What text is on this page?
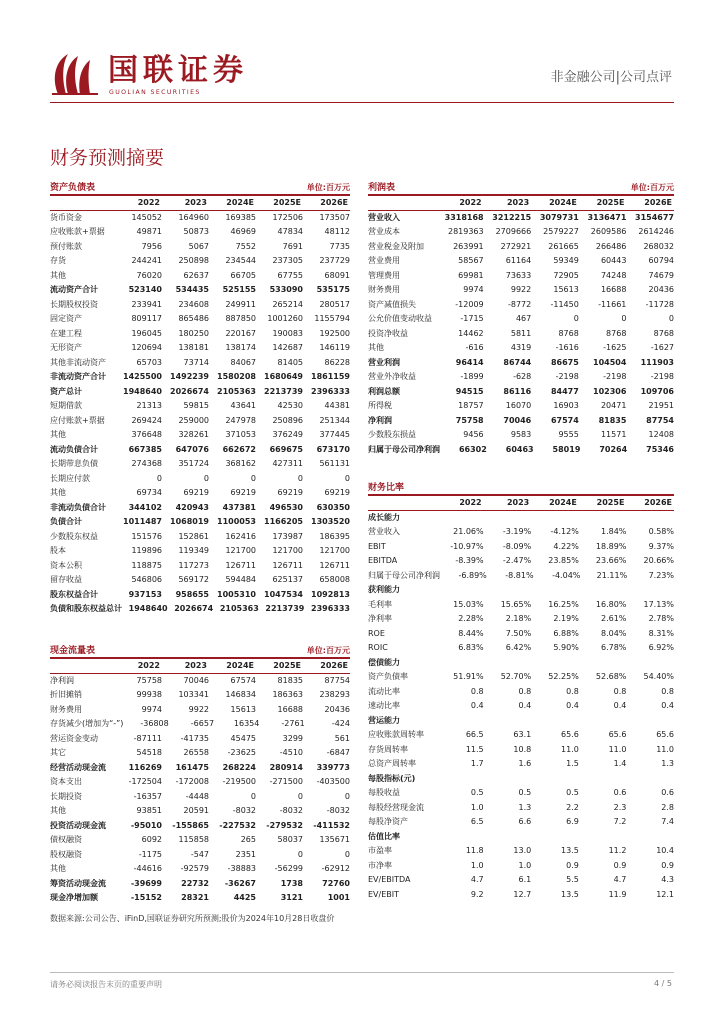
国联证券
GUOLIAN SECURITIES
非金融公司|公司点评
财务预测摘要
资产负债表	单位:百万元
2022	2023	2024E	2025E	2026E
货币资金	145052	164960	169385	172506	173507
应收账款+票据	49871	50873	46969	47834	48112
预付账款	7956	5067	7552	7691	7735
存货	244241	250898	234544	237305	237729
其他	76020	62637	66705	67755	68091
流动资产合计	523140	534435	525155	533090	535175
长期股权投资	233941	234608	249911	265214	280517
固定资产	809117	865486	887850	1001260	1155794
在建工程	196045	180250	220167	190083	192500
无形资产	120694	138181	138174	142687	146119
其他非流动资产	65703	73714	84067	81405	86228
非流动资产合计	1425500	1492239	1580208	1680649	1861159
资产总计	1948640	2026674	2105363	2213739	2396333
短期借款	21313	59815	43641	42530	44381
应付账款+票据	269424	259000	247978	250896	251344
其他	376648	328261	371053	376249	377445
流动负债合计	667385	647076	662672	669675	673170
长期带息负债	274368	351724	368162	427311	561131
长期应付款	0	0	0	0	0
其他	69734	69219	69219	69219	69219
非流动负债合计	344102	420943	437381	496530	630350
负债合计	1011487	1068019	1100053	1166205	1303520
少数股东权益	151576	152861	162416	173987	186395
股本	119896	119349	121700	121700	121700
资本公积	118875	117273	126711	126711	126711
留存收益	546806	569172	594484	625137	658008
股东权益合计	937153	958655	1005310	1047534	1092813
负债和股东权益总计 1948640 2026674 2105363 2213739 2396333
利润表	单位:百万元
2022	2023	2024E	2025E	2026E
营业收入	3318168	3212215	3079731	3136471	3154677
营业成本	2819363	2709666	2579227	2609586	2614246
营业税金及附加	263991	272921	261665	266486	268032
营业费用	58567	61164	59349	60443	60794
管理费用	69981	73633	72905	74248	74679
财务费用	9974	9922	15613	16688	20436
资产减值损失	-12009	-8772	-11450	-11661	-11728
公允价值变动收益	-1715	467	0	0	0
投资净收益	14462	5811	8768	8768	8768
其他	-616	4319	-1616	-1625	-1627
营业利润	96414	86744	86675	104504	111903
营业外净收益	-1899	-628	-2198	-2198	-2198
利润总额	94515	86116	84477	102306	109706
所得税	18757	16070	16903	20471	21951
净利润	75758	70046	67574	81835	87754
少数股东损益	9456	9583	9555	11571	12408
归属于母公司净利润	66302	60463	58019	70264	75346
现金流量表	单位:百万元
2022	2023	2024E	2025E	2026E
净利润	75758	70046	67574	81835	87754
折旧摊销	99938	103341	146834	186363	238293
财务费用	9974	9922	15613	16688	20436
存货减少(增加为“-”)	-36808	-6657	16354	-2761	-424
营运资金变动	-87111	-41735	45475	3299	561
其它	54518	26558	-23625	-4510	-6847
经营活动现金流	116269	161475	268224	280914	339773
资本支出	-172504	-172008	-219500	-271500	-403500
长期投资	-16357	-4448	0	0	0
其他	93851	20591	-8032	-8032	-8032
投资活动现金流	-95010	-155865	-227532	-279532	-411532
债权融资	6092	115858	265	58037	135671
股权融资	-1175	-547	2351	0	0
其他	-44616	-92579	-38883	-56299	-62912
筹资活动现金流	-39699	22732	-36267	1738	72760
现金净增加额	-15152	28321	4425	3121	1001
财务比率
2022	2023	2024E	2025E	2026E
成长能力
营业收入	21.06%	-3.19%	-4.12%	1.84%	0.58%
EBIT	-10.97%	-8.09%	4.22%	18.89%	9.37%
EBITDA	-8.39%	-2.47%	23.85%	23.66%	20.66%
归属于母公司净利润	-6.89%	-8.81%	-4.04%	21.11%	7.23%
获利能力
毛利率	15.03%	15.65%	16.25%	16.80%	17.13%
净利率	2.28%	2.18%	2.19%	2.61%	2.78%
ROE	8.44%	7.50%	6.88%	8.04%	8.31%
ROIC	6.83%	6.42%	5.90%	6.78%	6.92%
偿债能力
资产负债率	51.91%	52.70%	52.25%	52.68%	54.40%
流动比率	0.8	0.8	0.8	0.8	0.8
速动比率	0.4	0.4	0.4	0.4	0.4
营运能力
应收账款周转率	66.5	63.1	65.6	65.6	65.6
存货周转率	11.5	10.8	11.0	11.0	11.0
总资产周转率	1.7	1.6	1.5	1.4	1.3
每股指标(元)
每股收益	0.5	0.5	0.5	0.6	0.6
每股经营现金流	1.0	1.3	2.2	2.3	2.8
每股净资产	6.5	6.6	6.9	7.2	7.4
估值比率
市盈率	11.8	13.0	13.5	11.2	10.4
市净率	1.0	1.0	0.9	0.9	0.9
EV/EBITDA	4.7	6.1	5.5	4.7	4.3
EV/EBIT	9.2	12.7	13.5	11.9	12.1
数据来源:公司公告、iFinD,国联证券研究所预测;股价为2024年10月28日收盘价
请务必阅读报告末页的重要声明	4 / 5
